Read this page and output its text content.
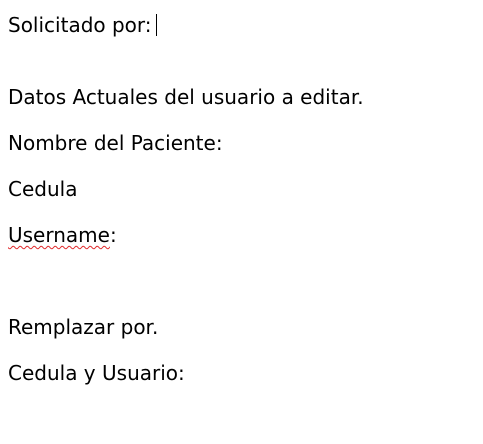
Solicitado por:
Datos Actuales del usuario a editar.
Nombre del Paciente:
Cedula
Username:
Remplazar por.
Cedula y Usuario:
